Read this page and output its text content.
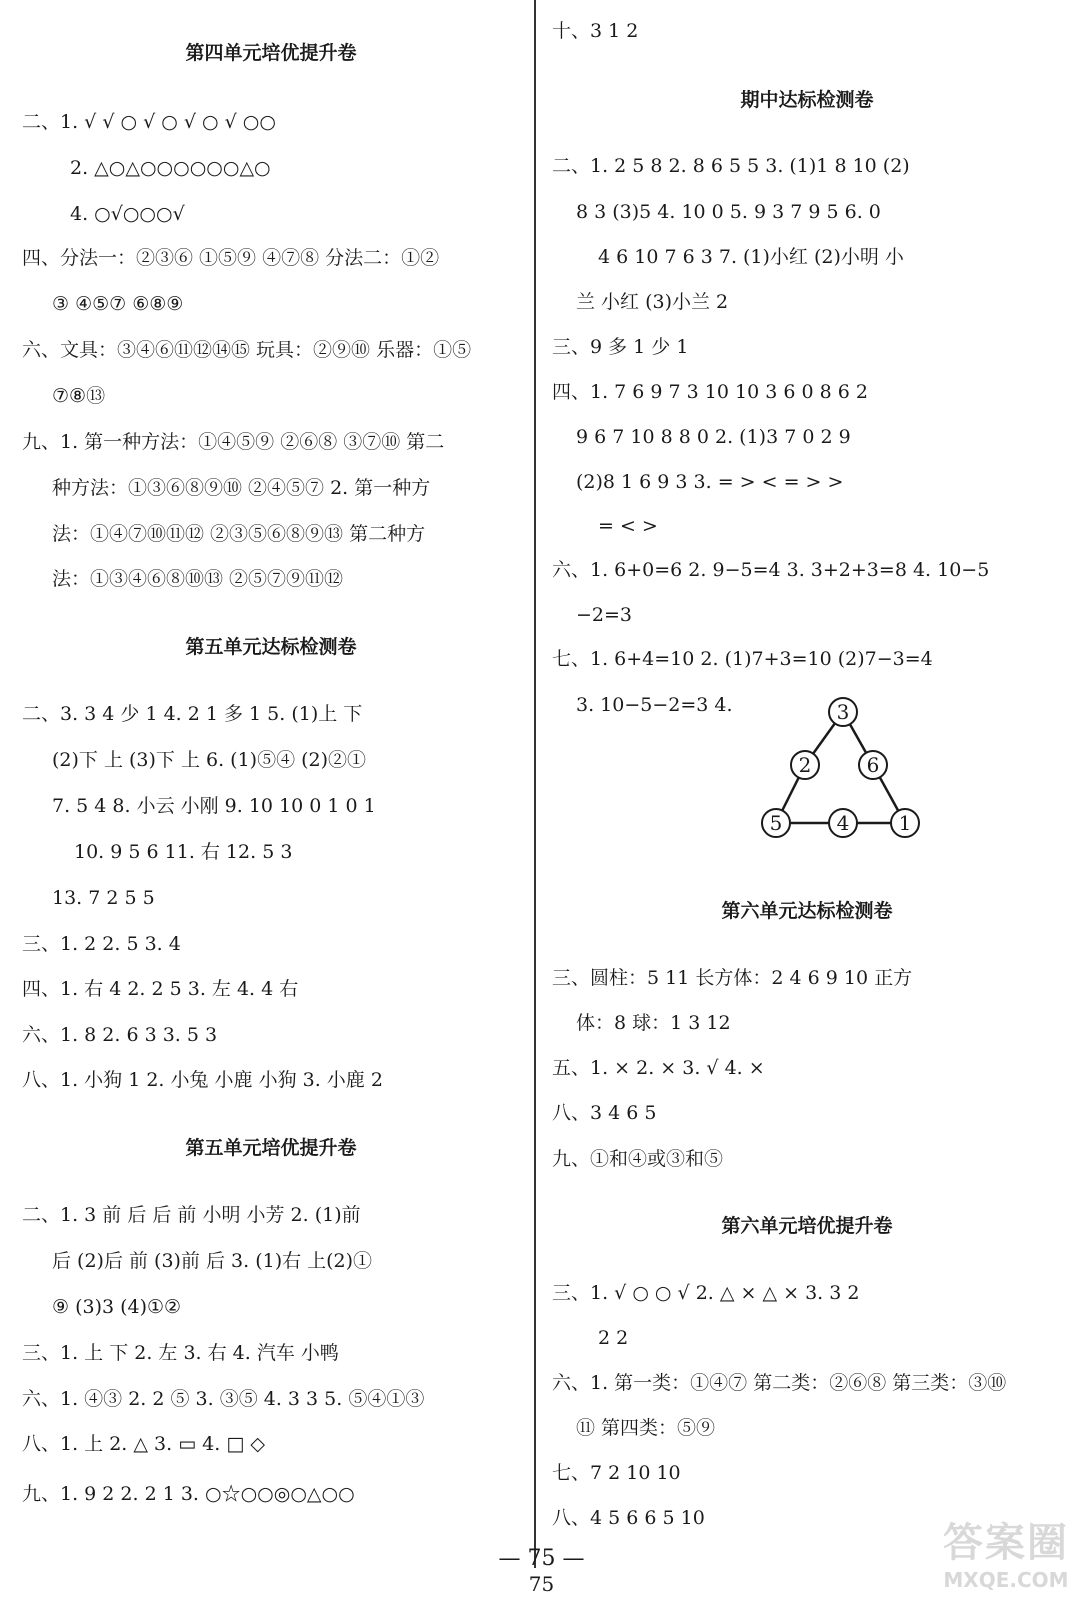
第四单元培优提升卷
二、1. √ √ ○ √ ○ √ ○ √ ○○
2. △○△○○○○○○△○
4. ○√○○○√
四、分法一：②③⑥ ①⑤⑨ ④⑦⑧ 分法二：①②
③ ④⑤⑦ ⑥⑧⑨
六、文具：③④⑥⑪⑫⑭⑮ 玩具：②⑨⑩ 乐器：①⑤
⑦⑧⑬
九、1. 第一种方法：①④⑤⑨ ②⑥⑧ ③⑦⑩ 第二
种方法：①③⑥⑧⑨⑩ ②④⑤⑦ 2. 第一种方
法：①④⑦⑩⑪⑫ ②③⑤⑥⑧⑨⑬ 第二种方
法：①③④⑥⑧⑩⑬ ②⑤⑦⑨⑪⑫
第五单元达标检测卷
二、3. 3 4 少 1 4. 2 1 多 1 5. (1)上 下
(2)下 上 (3)下 上 6. (1)⑤④ (2)②①
7. 5 4 8. 小云 小刚 9. 10 10 0 1 0 1
10. 9 5 6 11. 右 12. 5 3
13. 7 2 5 5
三、1. 2 2. 5 3. 4
四、1. 右 4 2. 2 5 3. 左 4. 4 右
六、1. 8 2. 6 3 3. 5 3
八、1. 小狗 1 2. 小兔 小鹿 小狗 3. 小鹿 2
第五单元培优提升卷
二、1. 3 前 后 后 前 小明 小芳 2. (1)前
后 (2)后 前 (3)前 后 3. (1)右 上(2)①
⑨ (3)3 (4)①②
三、1. 上 下 2. 左 3. 右 4. 汽车 小鸭
六、1. ④③ 2. 2 ⑤ 3. ③⑤ 4. 3 3 5. ⑤④①③
八、1. 上 2. △ 3. ▭ 4. □ ◇
九、1. 9 2 2. 2 1 3. ○☆○○◎○△○○
十、3 1 2
期中达标检测卷
二、1. 2 5 8 2. 8 6 5 5 3. (1)1 8 10 (2)
8 3 (3)5 4. 10 0 5. 9 3 7 9 5 6. 0
4 6 10 7 6 3 7. (1)小红 (2)小明 小
兰 小红 (3)小兰 2
三、9 多 1 少 1
四、1. 7 6 9 7 3 10 10 3 6 0 8 6 2
9 6 7 10 8 8 0 2. (1)3 7 0 2 9
(2)8 1 6 9 3 3. = > < = > >
= < >
六、1. 6+0=6 2. 9−5=4 3. 3+2+3=8 4. 10−5
−2=3
七、1. 6+4=10 2. (1)7+3=10 (2)7−3=4
3. 10−5−2=3 4.
第六单元达标检测卷
三、圆柱：5 11 长方体：2 4 6 9 10 正方
体：8 球：1 3 12
五、1. × 2. × 3. √ 4. ×
八、3 4 6 5
九、①和④或③和⑤
第六单元培优提升卷
三、1. √ ○ ○ √ 2. △ × △ × 3. 3 2
2 2
六、1. 第一类：①④⑦ 第二类：②⑥⑧ 第三类：③⑩
⑪ 第四类：⑤⑨
七、7 2 10 10
八、4 5 6 6 5 10
3
2	6
5	4 1
— 75 —
75
答案圈
MXQE.COM
